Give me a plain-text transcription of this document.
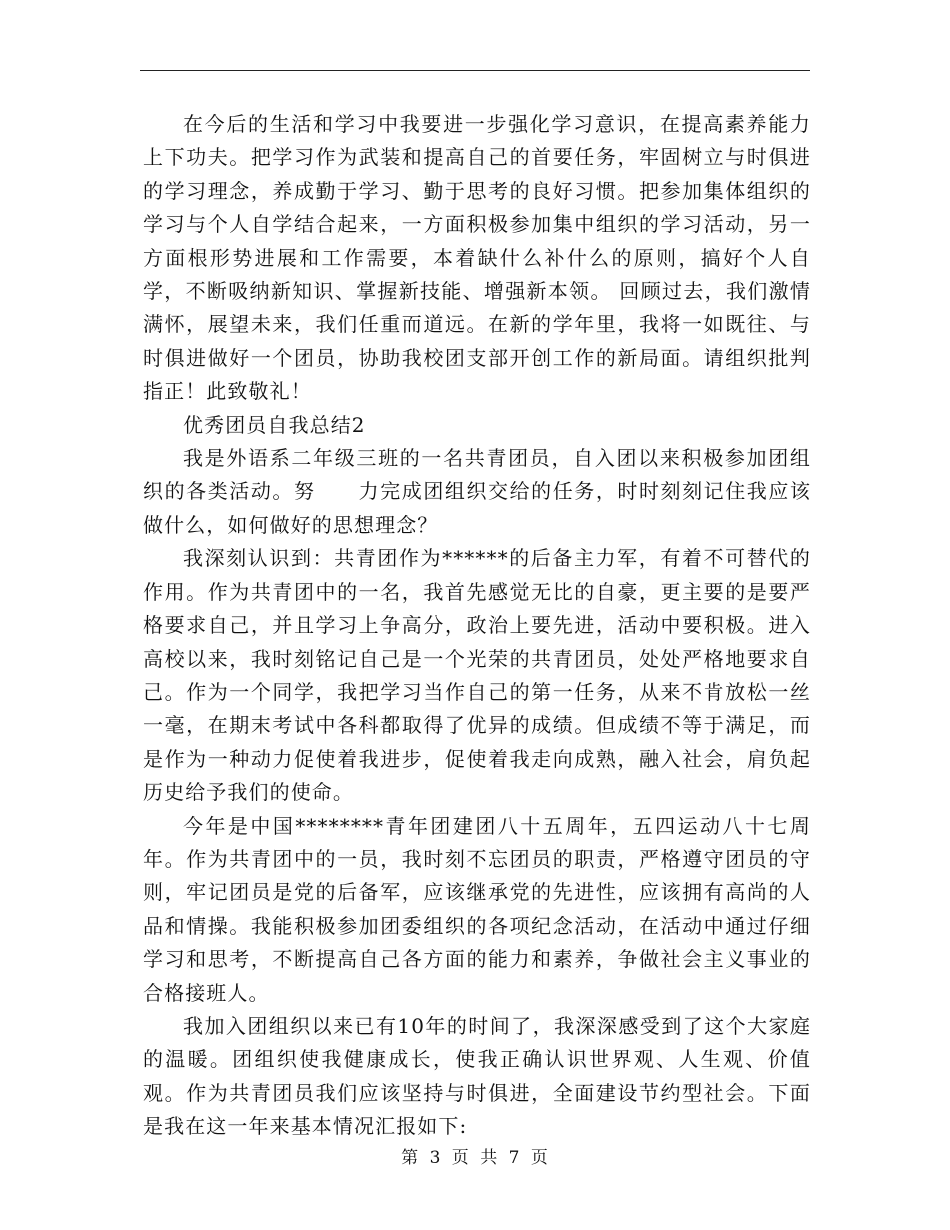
在今后的生活和学习中我要进一步强化学习意识，在提高素养能力上下功夫。把学习作为武装和提高自己的首要任务，牢固树立与时俱进的学习理念，养成勤于学习、勤于思考的良好习惯。把参加集体组织的学习与个人自学结合起来，一方面积极参加集中组织的学习活动，另一方面根形势进展和工作需要，本着缺什么补什么的原则，搞好个人自学，不断吸纳新知识、掌握新技能、增强新本领。 回顾过去，我们激情满怀，展望未来，我们任重而道远。在新的学年里，我将一如既往、与时俱进做好一个团员，协助我校团支部开创工作的新局面。请组织批判指正！此致敬礼！

优秀团员自我总结2

我是外语系二年级三班的一名共青团员，自入团以来积极参加团组织的各类活动。努　　力完成团组织交给的任务，时时刻刻记住我应该做什么，如何做好的思想理念？

我深刻认识到：共青团作为******的后备主力军，有着不可替代的作用。作为共青团中的一名，我首先感觉无比的自豪，更主要的是要严格要求自己，并且学习上争高分，政治上要先进，活动中要积极。进入高校以来，我时刻铭记自己是一个光荣的共青团员，处处严格地要求自己。作为一个同学，我把学习当作自己的第一任务，从来不肯放松一丝一毫，在期末考试中各科都取得了优异的成绩。但成绩不等于满足，而是作为一种动力促使着我进步，促使着我走向成熟，融入社会，肩负起历史给予我们的使命。

今年是中国********青年团建团八十五周年，五四运动八十七周年。作为共青团中的一员，我时刻不忘团员的职责，严格遵守团员的守则，牢记团员是党的后备军，应该继承党的先进性，应该拥有高尚的人品和情操。我能积极参加团委组织的各项纪念活动，在活动中通过仔细学习和思考，不断提高自己各方面的能力和素养，争做社会主义事业的合格接班人。

我加入团组织以来已有10年的时间了，我深深感受到了这个大家庭的温暖。团组织使我健康成长，使我正确认识世界观、人生观、价值观。作为共青团员我们应该坚持与时俱进，全面建设节约型社会。下面是我在这一年来基本情况汇报如下:

第 3 页 共 7 页
